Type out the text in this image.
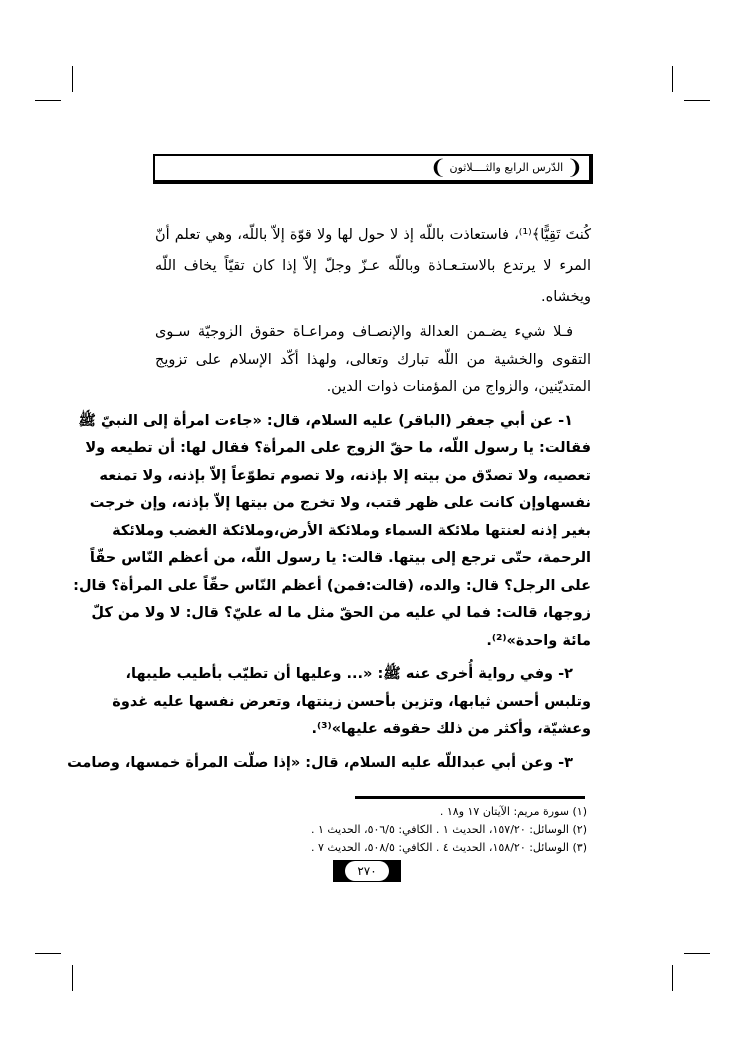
❨
الدّرس الرابع والثــــلاثون
❩
كُنتَ تَقِيًّا﴾⁽¹⁾، فاستعاذت باللّه إذ لا حول لها ولا قوّة إلاّ باللّه، وهي تعلم أنّ
المرء لا يرتدع بالاستـعـاذة وباللّه عـزّ وجلّ إلاّ إذا كان تقيّاً يخاف اللّه
ويخشاه.
فـلا شيء يضـمن العدالة والإنصـاف ومراعـاة حقوق الزوجيّة سـوى
التقوى والخشية من اللّه تبارك وتعالى، ولهذا أكّد الإسلام على تزويج
المتديّنين، والزواج من المؤمنات ذوات الدين.
١- عن أبي جعفر (الباقر) عليه السلام، قال: «جاءت امرأة إلى النبيّ ﷺ
فقالت: يا رسول اللّه، ما حقّ الزوج على المرأة؟ فقال لها: أن تطيعه ولا
تعصيه، ولا تصدّق من بيته إلا بإذنه، ولا تصوم تطوّعاً إلاّ بإذنه، ولا تمنعه
نفسهاوإن كانت على ظهر قتب، ولا تخرج من بيتها إلاّ بإذنه، وإن خرجت
بغير إذنه لعنتها ملائكة السماء وملائكة الأرض،وملائكة الغضب وملائكة
الرحمة، حتّى ترجع إلى بيتها. قالت: يا رسول اللّه، من أعظم النّاس حقّاً
على الرجل؟ قال: والده، (قالت:فمن) أعظم النّاس حقّاً على المرأة؟ قال:
زوجها، قالت: فما لي عليه من الحقّ مثل ما له عليّ؟ قال: لا ولا من كلّ
مائة واحدة»⁽²⁾.
٢- وفي رواية أُخرى عنه ﷺ: «... وعليها أن تطيّب بأطيب طيبها،
وتلبس أحسن ثيابها، وتزين بأحسن زينتها، وتعرض نفسها عليه غدوة
وعشيّة، وأكثر من ذلك حقوقه عليها»⁽³⁾.
٣- وعن أبي عبداللّه عليه السلام، قال: «إذا صلّت المرأة خمسها، وصامت
(١) سورة مريم: الآيتان ١٧ و١٨ .
(٢) الوسائل: ١٥٧/٢٠، الحديث ١ . الكافي: ٥٠٦/٥، الحديث ١ .
(٣) الوسائل: ١٥٨/٢٠، الحديث ٤ . الكافي: ٥٠٨/٥، الحديث ٧ .
٢٧٠
